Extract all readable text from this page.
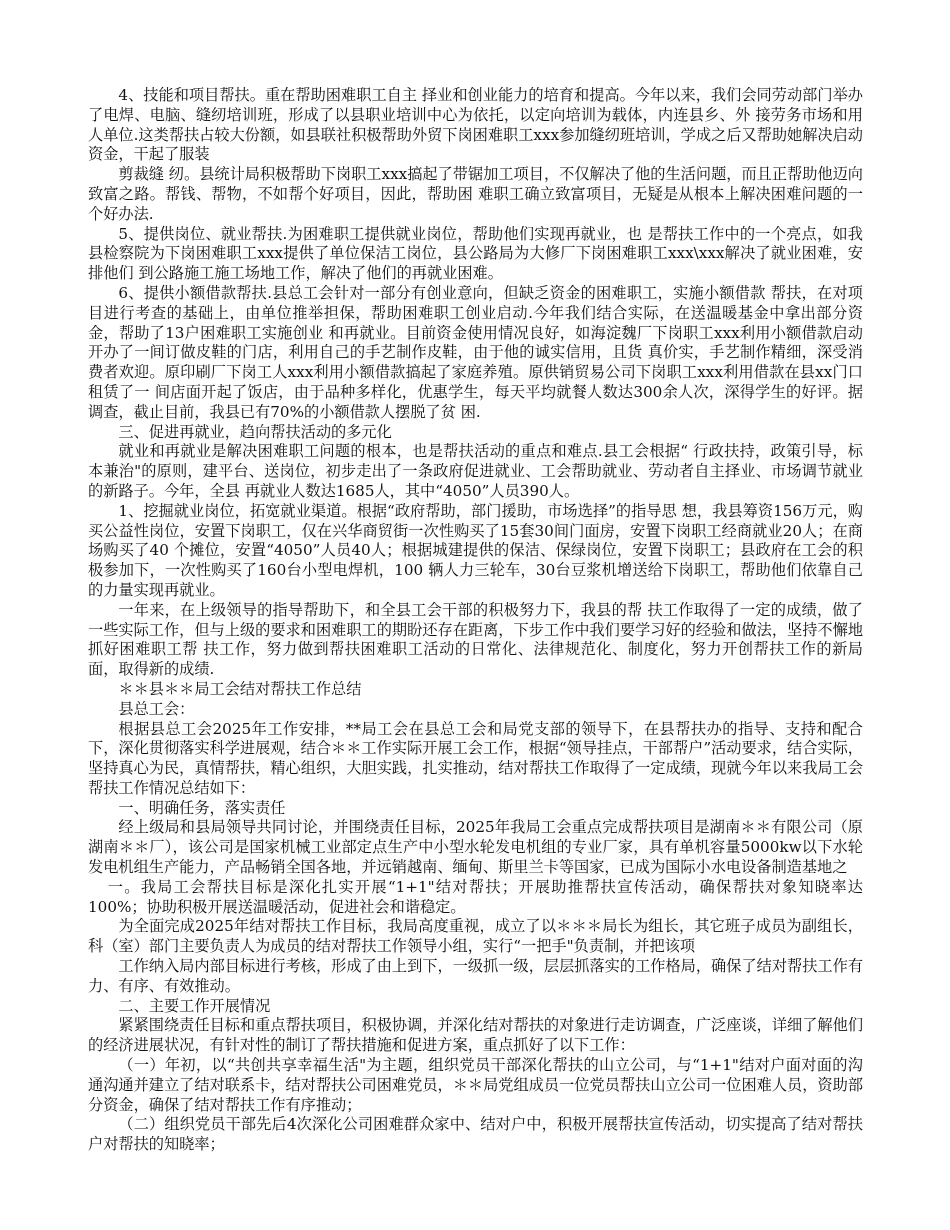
4、技能和项目帮扶。重在帮助困难职工自主 择业和创业能力的培育和提高。今年以来，我们会同劳动部门举办了电焊、电脑、缝纫培训班，形成了以县职业培训中心为依托，以定向培训为载体，内连县乡、外 接劳务市场和用人单位.这类帮扶占较大份额，如县联社积极帮助外贸下岗困难职工xxx参加缝纫班培训，学成之后又帮助她解决启动资金，干起了服装

剪裁缝 纫。县统计局积极帮助下岗职工xxx搞起了带锯加工项目，不仅解决了他的生活问题，而且正帮助他迈向致富之路。帮钱、帮物，不如帮个好项目，因此，帮助困 难职工确立致富项目，无疑是从根本上解决困难问题的一个好办法.

5、提供岗位、就业帮扶.为困难职工提供就业岗位，帮助他们实现再就业，也 是帮扶工作中的一个亮点，如我县检察院为下岗困难职工xxx提供了单位保洁工岗位，县公路局为大修厂下岗困难职工xxx\xxx解决了就业困难，安排他们 到公路施工施工场地工作，解决了他们的再就业困难。

6、提供小额借款帮扶.县总工会针对一部分有创业意向，但缺乏资金的困难职工，实施小额借款 帮扶，在对项目进行考查的基础上，由单位推举担保，帮助困难职工创业启动.今年我们结合实际，在送温暖基金中拿出部分资金，帮助了13户困难职工实施创业 和再就业。目前资金使用情况良好，如海淀魏厂下岗职工xxx利用小额借款启动开办了一间订做皮鞋的门店，利用自己的手艺制作皮鞋，由于他的诚实信用，且货 真价实，手艺制作精细，深受消费者欢迎。原印刷厂下岗工人xxx利用小额借款搞起了家庭养殖。原供销贸易公司下岗职工xxx利用借款在县xx门口租赁了一 间店面开起了饭店，由于品种多样化，优惠学生，每天平均就餐人数达300余人次，深得学生的好评。据调查，截止目前，我县已有70%的小额借款人摆脱了贫 困.

三、促进再就业，趋向帮扶活动的多元化

就业和再就业是解决困难职工问题的根本，也是帮扶活动的重点和难点.县工会根据“ 行政扶持，政策引导，标本兼治"的原则，建平台、送岗位，初步走出了一条政府促进就业、工会帮助就业、劳动者自主择业、市场调节就业的新路子。今年，全县 再就业人数达1685人，其中“4050”人员390人。

1、挖掘就业岗位，拓宽就业渠道。根据“政府帮助，部门援助，市场选择”的指导思 想，我县筹资156万元，购买公益性岗位，安置下岗职工，仅在兴华商贸街一次性购买了15套30间门面房，安置下岗职工经商就业20人；在商场购买了40 个摊位，安置“4050”人员40人；根据城建提供的保洁、保绿岗位，安置下岗职工；县政府在工会的积极参加下，一次性购买了160台小型电焊机，100 辆人力三轮车，30台豆浆机增送给下岗职工，帮助他们依靠自己的力量实现再就业。

一年来，在上级领导的指导帮助下，和全县工会干部的积极努力下，我县的帮 扶工作取得了一定的成绩，做了一些实际工作，但与上级的要求和困难职工的期盼还存在距离，下步工作中我们要学习好的经验和做法，坚持不懈地抓好困难职工帮 扶工作，努力做到帮扶困难职工活动的日常化、法律规范化、制度化，努力开创帮扶工作的新局面，取得新的成绩.

＊＊县＊＊局工会结对帮扶工作总结

县总工会：

根据县总工会2025年工作安排，**局工会在县总工会和局党支部的领导下，在县帮扶办的指导、支持和配合下，深化贯彻落实科学进展观，结合＊＊工作实际开展工会工作，根据“领导挂点，干部帮户”活动要求，结合实际，坚持真心为民，真情帮扶，精心组织，大胆实践，扎实推动，结对帮扶工作取得了一定成绩，现就今年以来我局工会帮扶工作情况总结如下：

一、明确任务，落实责任

经上级局和县局领导共同讨论，并围绕责任目标，2025年我局工会重点完成帮扶项目是湖南＊＊有限公司（原湖南＊＊厂），该公司是国家机械工业部定点生产中小型水轮发电机组的专业厂家，具有单机容量5000kw以下水轮发电机组生产能力，产品畅销全国各地，并远销越南、缅甸、斯里兰卡等国家，已成为国际小水电设备制造基地之

一。我局工会帮扶目标是深化扎实开展“1+1"结对帮扶；开展助推帮扶宣传活动，确保帮扶对象知晓率达100%；协助积极开展送温暖活动，促进社会和谐稳定。

为全面完成2025年结对帮扶工作目标，我局高度重视，成立了以＊＊＊局长为组长，其它班子成员为副组长，科（室）部门主要负责人为成员的结对帮扶工作领导小组，实行“一把手"负责制，并把该项

工作纳入局内部目标进行考核，形成了由上到下，一级抓一级，层层抓落实的工作格局，确保了结对帮扶工作有力、有序、有效推动。

二、主要工作开展情况

紧紧围绕责任目标和重点帮扶项目，积极协调，并深化结对帮扶的对象进行走访调查，广泛座谈，详细了解他们的经济进展状况，有针对性的制订了帮扶措施和促进方案，重点抓好了以下工作：

（一）年初，以“共创共享幸福生活"为主题，组织党员干部深化帮扶的山立公司，与“1+1"结对户面对面的沟通沟通并建立了结对联系卡，结对帮扶公司困难党员，＊＊局党组成员一位党员帮扶山立公司一位困难人员，资助部分资金，确保了结对帮扶工作有序推动；

（二）组织党员干部先后4次深化公司困难群众家中、结对户中，积极开展帮扶宣传活动，切实提高了结对帮扶户对帮扶的知晓率；
